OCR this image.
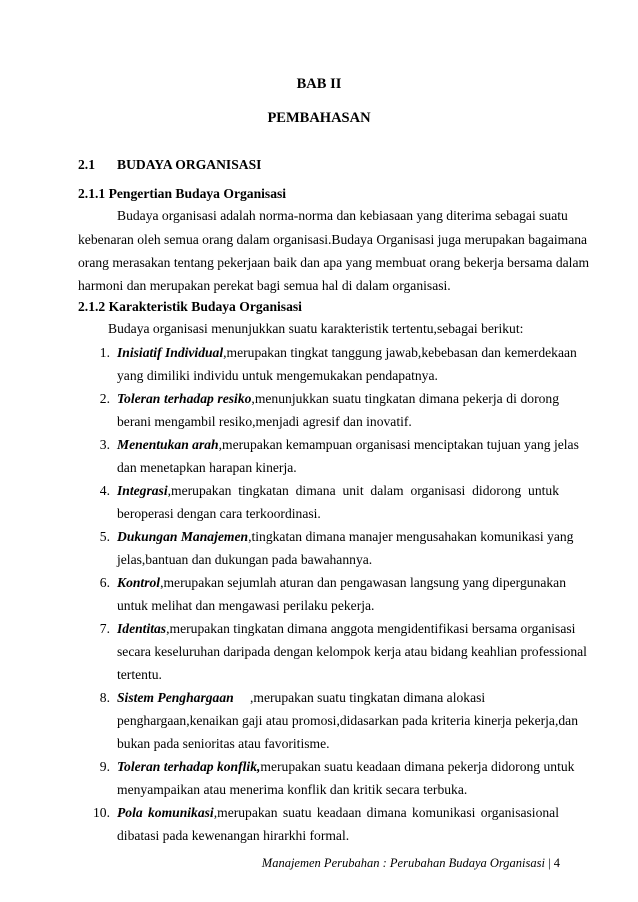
BAB II
PEMBAHASAN
2.1 BUDAYA ORGANISASI
2.1.1 Pengertian Budaya Organisasi
Budaya organisasi adalah norma-norma dan kebiasaan yang diterima sebagai suatu
kebenaran oleh semua orang dalam organisasi.Budaya Organisasi juga merupakan bagaimana
orang merasakan tentang pekerjaan baik dan apa yang membuat orang bekerja bersama dalam
harmoni dan merupakan perekat bagi semua hal di dalam organisasi.
2.1.2 Karakteristik Budaya Organisasi
Budaya organisasi menunjukkan suatu karakteristik tertentu,sebagai berikut:
1. Inisiatif Individual,merupakan tingkat tanggung jawab,kebebasan dan kemerdekaan
yang dimiliki individu untuk mengemukakan pendapatnya.
2. Toleran terhadap resiko,menunjukkan suatu tingkatan dimana pekerja di dorong
berani mengambil resiko,menjadi agresif dan inovatif.
3. Menentukan arah,merupakan kemampuan organisasi menciptakan tujuan yang jelas
dan menetapkan harapan kinerja.
4. Integrasi,merupakan tingkatan dimana unit dalam organisasi didorong untuk
beroperasi dengan cara terkoordinasi.
5. Dukungan Manajemen,tingkatan dimana manajer mengusahakan komunikasi yang
jelas,bantuan dan dukungan pada bawahannya.
6. Kontrol,merupakan sejumlah aturan dan pengawasan langsung yang dipergunakan
untuk melihat dan mengawasi perilaku pekerja.
7. Identitas,merupakan tingkatan dimana anggota mengidentifikasi bersama organisasi
secara keseluruhan daripada dengan kelompok kerja atau bidang keahlian professional
tertentu.
8. Sistem Penghargaan ,merupakan suatu tingkatan dimana alokasi
penghargaan,kenaikan gaji atau promosi,didasarkan pada kriteria kinerja pekerja,dan
bukan pada senioritas atau favoritisme.
9. Toleran terhadap konflik,merupakan suatu keadaan dimana pekerja didorong untuk
menyampaikan atau menerima konflik dan kritik secara terbuka.
10. Pola komunikasi,merupakan suatu keadaan dimana komunikasi organisasional
dibatasi pada kewenangan hirarkhi formal.
Manajemen Perubahan : Perubahan Budaya Organisasi | 4
